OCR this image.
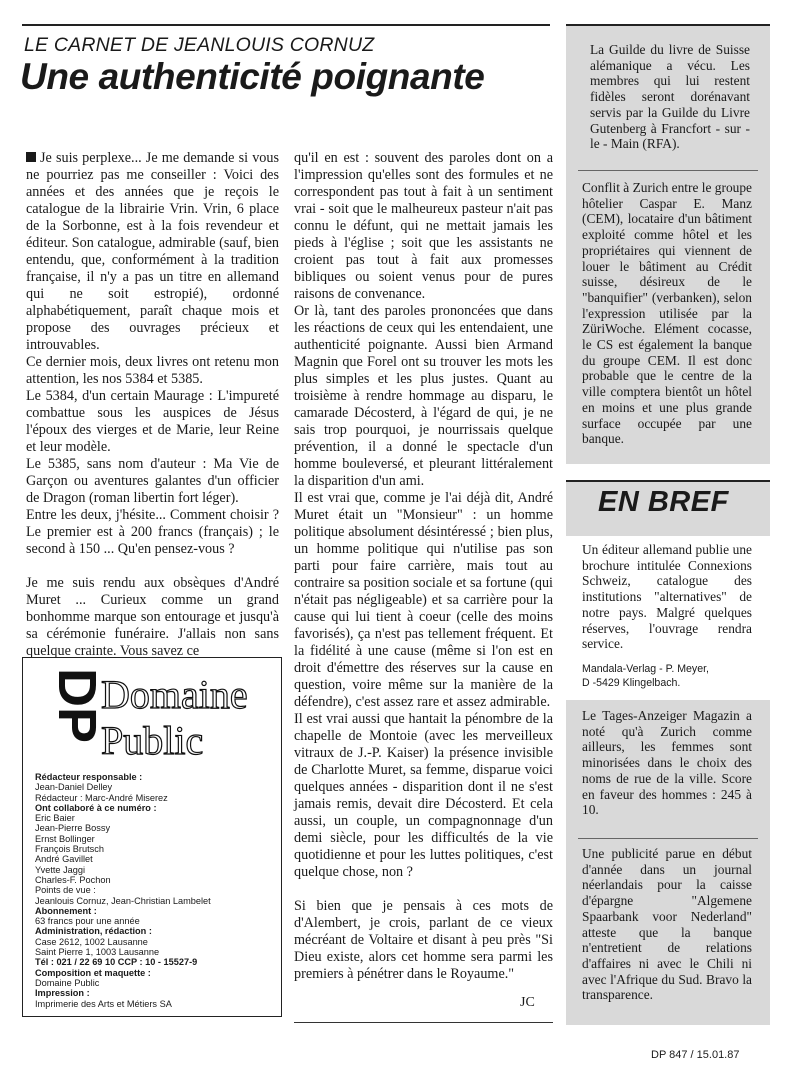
LE CARNET DE JEANLOUIS CORNUZ
Une authenticité poignante

Je suis perplexe... Je me demande si vous ne pourriez pas me conseiller : Voici des années et des années que je reçois le catalogue de la librairie Vrin. Vrin, 6 place de la Sorbonne, est à la fois revendeur et éditeur. Son catalogue, admirable (sauf, bien entendu, que, conformément à la tradition française, il n'y a pas un titre en allemand qui ne soit estropié), ordonné alphabétiquement, paraît chaque mois et propose des ouvrages précieux et introuvables.

Ce dernier mois, deux livres ont retenu mon attention, les nos 5384 et 5385.

Le 5384, d'un certain Maurage : L'impureté combattue sous les auspices de Jésus l'époux des vierges et de Marie, leur Reine et leur modèle.

Le 5385, sans nom d'auteur : Ma Vie de Garçon ou aventures galantes d'un officier de Dragon (roman libertin fort léger).

Entre les deux, j'hésite... Comment choisir ? Le premier est à 200 francs (français) ; le second à 150 ... Qu'en pensez-vous ?

Je me suis rendu aux obsèques d'André Muret ... Curieux comme un grand bonhomme marque son entourage et jusqu'à sa cérémonie funéraire. J'allais non sans quelque crainte. Vous savez ce

qu'il en est : souvent des paroles dont on a l'impression qu'elles sont des formules et ne correspondent pas tout à fait à un sentiment vrai - soit que le malheureux pasteur n'ait pas connu le défunt, qui ne mettait jamais les pieds à l'église ; soit que les assistants ne croient pas tout à fait aux promesses bibliques ou soient venus pour de pures raisons de convenance.

Or là, tant des paroles prononcées que dans les réactions de ceux qui les entendaient, une authenticité poignante. Aussi bien Armand Magnin que Forel ont su trouver les mots les plus simples et les plus justes. Quant au troisième à rendre hommage au disparu, le camarade Décosterd, à l'égard de qui, je ne sais trop pourquoi, je nourrissais quelque prévention, il a donné le spectacle d'un homme bouleversé, et pleurant littéralement la disparition d'un ami.

Il est vrai que, comme je l'ai déjà dit, André Muret était un "Monsieur" : un homme politique absolument désintéressé ; bien plus, un homme politique qui n'utilise pas son parti pour faire carrière, mais tout au contraire sa position sociale et sa fortune (qui n'était pas négligeable) et sa carrière pour la cause qui lui tient à coeur (celle des moins favorisés), ça n'est pas tellement fréquent. Et la fidélité à une cause (même si l'on est en droit d'émettre des réserves sur la cause en question, voire même sur la manière de la défendre), c'est assez rare et assez admirable.

Il est vrai aussi que hantait la pénombre de la chapelle de Montoie (avec les merveilleux vitraux de J.-P. Kaiser) la présence invisible de Charlotte Muret, sa femme, disparue voici quelques années - disparition dont il ne s'est jamais remis, devait dire Décosterd. Et cela aussi, un couple, un compagnonnage d'un demi siècle, pour les difficultés de la vie quotidienne et pour les luttes politiques, c'est quelque chose, non ?

Si bien que je pensais à ces mots de d'Alembert, je crois, parlant de ce vieux mécréant de Voltaire et disant à peu près "Si Dieu existe, alors cet homme sera parmi les premiers à pénétrer dans le Royaume."

JC
DP
Domaine
Public
Rédacteur responsable :
Jean-Daniel Delley
Rédacteur : Marc-André Miserez
Ont collaboré à ce numéro :
Eric Baier
Jean-Pierre Bossy
Ernst Bollinger
François Brutsch
André Gavillet
Yvette Jaggi
Charles-F. Pochon
Points de vue :
Jeanlouis Cornuz, Jean-Christian Lambelet
Abonnement :
63 francs pour une année
Administration, rédaction :
Case 2612, 1002 Lausanne
Saint Pierre 1, 1003 Lausanne
Tél : 021 / 22 69 10 CCP : 10 - 15527-9
Composition et maquette :
Domaine Public
Impression :
Imprimerie des Arts et Métiers SA
La Guilde du livre de Suisse alémanique a vécu. Les membres qui lui restent fidèles seront dorénavant servis par la Guilde du Livre Gutenberg à Francfort - sur - le - Main (RFA).
Conflit à Zurich entre le groupe hôtelier Caspar E. Manz (CEM), locataire d'un bâtiment exploité comme hôtel et les propriétaires qui viennent de louer le bâtiment au Crédit suisse, désireux de le "banquifier" (verbanken), selon l'expression utilisée par la ZüriWoche. Elément cocasse, le CS est également la banque du groupe CEM. Il est donc probable que le centre de la ville comptera bientôt un hôtel en moins et une plus grande surface occupée par une banque.
EN BREF
Un éditeur allemand publie une brochure intitulée Connexions Schweiz, catalogue des institutions "alternatives" de notre pays. Malgré quelques réserves, l'ouvrage rendra service.
Mandala-Verlag - P. Meyer,
D -5429 Klingelbach.
Le Tages-Anzeiger Magazin a noté qu'à Zurich comme ailleurs, les femmes sont minorisées dans le choix des noms de rue de la ville. Score en faveur des hommes : 245 à 10.
Une publicité parue en début d'année dans un journal néerlandais pour la caisse d'épargne "Algemene Spaarbank voor Nederland" atteste que la banque n'entretient de relations d'affaires ni avec le Chili ni avec l'Afrique du Sud. Bravo la transparence.
DP 847 / 15.01.87
